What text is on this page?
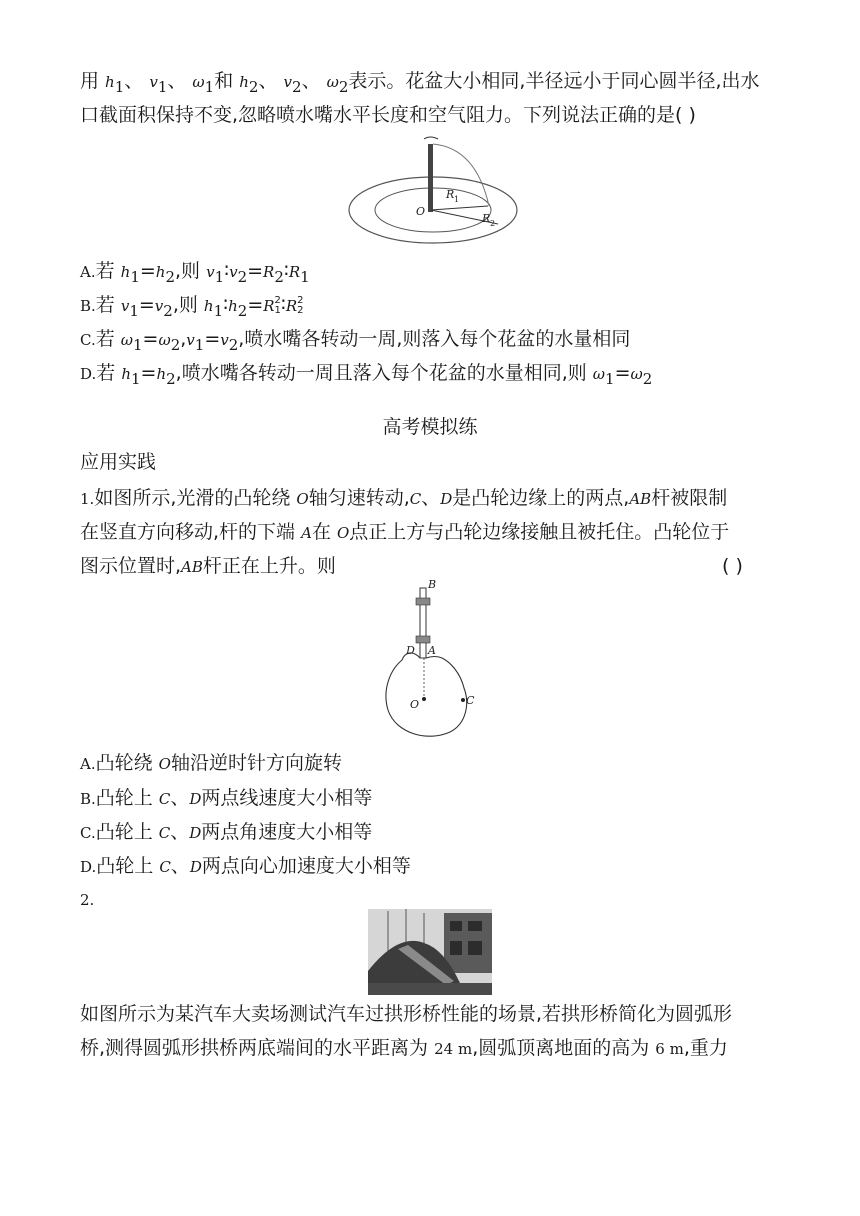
用 $h_1$、 $v_1$、 $\omega_1$和 $h_2$、 $v_2$、 $\omega_2$表示。花盆大小相同,半径远小于同心圆半径,出水
口截面积保持不变,忽略喷水嘴水平长度和空气阻力。下列说法正确的是( )
O
R 1
R 2
A.若 $h_1=h_2$,则 $v_1∶v_2=R_2∶R_1$
B.若 $v_1=v_2$,则 $h_1∶h_2=R2$
1∶R2
2
C.若 $\omega_1=\omega_2,v_1=v_2$,喷水嘴各转动一周,则落入每个花盆的水量相同
D.若 $h_1=h_2$,喷水嘴各转动一周且落入每个花盆的水量相同,则 $\omega_1=\omega_2$
高考模拟练
应用实践
1.如图所示,光滑的凸轮绕 O轴匀速转动,C、D是凸轮边缘上的两点,AB杆被限制
在竖直方向移动,杆的下端 A在 O点正上方与凸轮边缘接触且被托住。凸轮位于
图示位置时,AB杆正在上升。则	( )
B
D A
O	C
A.凸轮绕 O轴沿逆时针方向旋转
B.凸轮上 C、D两点线速度大小相等
C.凸轮上 C、D两点角速度大小相等
D.凸轮上 C、D两点向心加速度大小相等
2.
如图所示为某汽车大卖场测试汽车过拱形桥性能的场景,若拱形桥简化为圆弧形
桥,测得圆弧形拱桥两底端间的水平距离为 24 m,圆弧顶离地面的高为 6 m,重力
